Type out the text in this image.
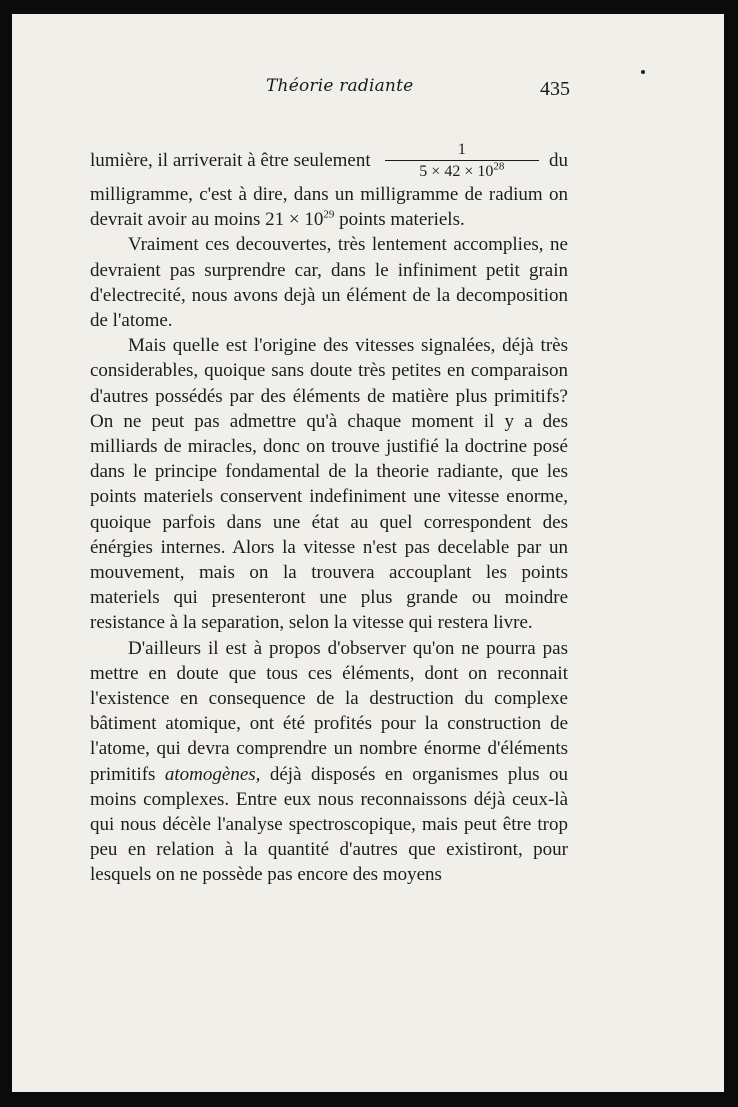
Théorie radiante	435
lumière, il arriverait à être seulement $\frac{1}{5 \times 42 \times 10^{28}}$ du

milligramme, c'est à dire, dans un milligramme de radium on devrait avoir au moins $21 \times 10^{29}$ points materiels.

Vraiment ces decouvertes, très lentement accomplies, ne devraient pas surprendre car, dans le infiniment petit grain d'electrecité, nous avons dejà un élément de la decomposition de l'atome.

Mais quelle est l'origine des vitesses signalées, déjà très considerables, quoique sans doute très petites en comparaison d'autres possédés par des éléments de matière plus primitifs? On ne peut pas admettre qu'à chaque moment il y a des milliards de miracles, donc on trouve justifié la doctrine posé dans le principe fondamental de la theorie radiante, que les points materiels conservent indefiniment une vitesse enorme, quoique parfois dans une état au quel correspondent des énérgies internes. Alors la vitesse n'est pas decelable par un mouvement, mais on la trouvera accouplant les points materiels qui presenteront une plus grande ou moindre resistance à la separation, selon la vitesse qui restera livre.

D'ailleurs il est à propos d'observer qu'on ne pourra pas mettre en doute que tous ces éléments, dont on reconnait l'existence en consequence de la destruction du complexe bâtiment atomique, ont été profités pour la construction de l'atome, qui devra comprendre un nombre énorme d'éléments primitifs atomogènes, déjà disposés en organismes plus ou moins complexes. Entre eux nous reconnaissons déjà ceux-là qui nous décèle l'analyse spectroscopique, mais peut être trop peu en relation à la quantité d'autres que existiront, pour lesquels on ne possède pas encore des moyens
